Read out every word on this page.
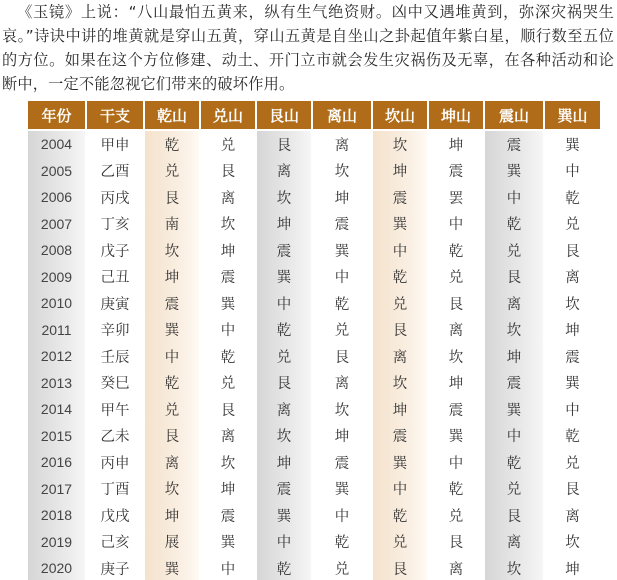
《玉镜》上说：“八山最怕五黄来，纵有生气绝资财。凶中又遇堆黄到，弥深灾祸哭生哀。”诗诀中讲的堆黄就是穿山五黄，穿山五黄是自坐山之卦起值年紫白星，顺行数至五位的方位。如果在这个方位修建、动土、开门立市就会发生灾祸伤及无辜，在各种活动和论断中，一定不能忽视它们带来的破坏作用。

年份	干支	乾山	兑山	艮山	离山	坎山	坤山	震山	巽山
2004	甲申	乾	兑	艮	离	坎	坤	震	巽
2005	乙酉	兑	艮	离	坎	坤	震	巽	中
2006	丙戌	艮	离	坎	坤	震	罢	中	乾
2007	丁亥	南	坎	坤	震	巽	中	乾	兑
2008	戊子	坎	坤	震	巽	中	乾	兑	艮
2009	己丑	坤	震	巽	中	乾	兑	艮	离
2010	庚寅	震	巽	中	乾	兑	艮	离	坎
2011	辛卯	巽	中	乾	兑	艮	离	坎	坤
2012	壬辰	中	乾	兑	艮	离	坎	坤	震
2013	癸巳	乾	兑	艮	离	坎	坤	震	巽
2014	甲午	兑	艮	离	坎	坤	震	巽	中
2015	乙未	艮	离	坎	坤	震	巽	中	乾
2016	丙申	离	坎	坤	震	巽	中	乾	兑
2017	丁酉	坎	坤	震	巽	中	乾	兑	艮
2018	戊戌	坤	震	巽	中	乾	兑	艮	离
2019	己亥	展	巽	中	乾	兑	艮	离	坎
2020	庚子	巽	中	乾	兑	艮	离	坎	坤
